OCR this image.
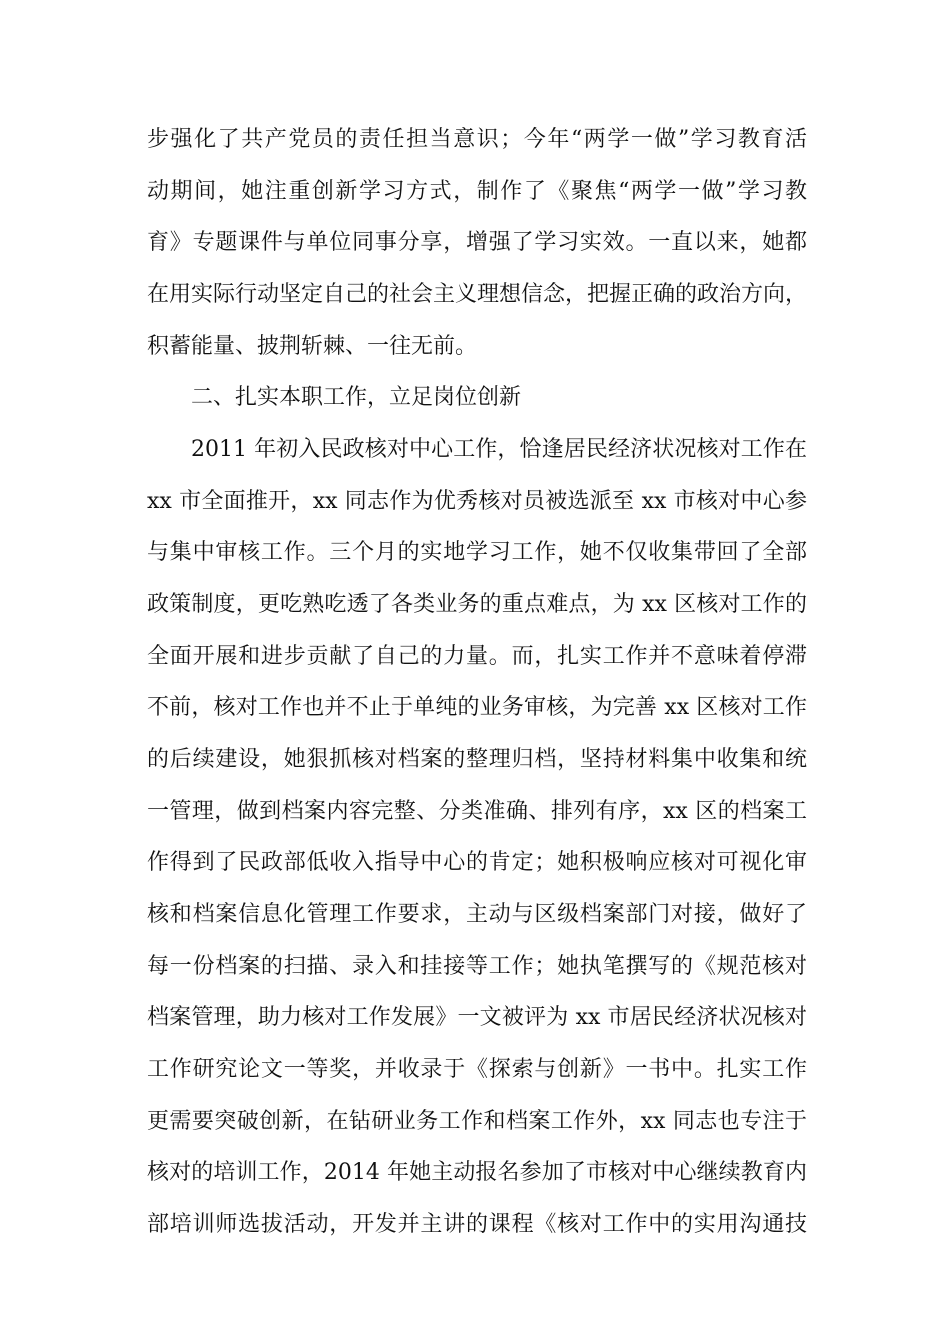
步强化了共产党员的责任担当意识；今年“两学一做”学习教育活
动期间，她注重创新学习方式，制作了《聚焦“两学一做”学习教
育》专题课件与单位同事分享，增强了学习实效。一直以来，她都
在用实际行动坚定自己的社会主义理想信念，把握正确的政治方向，
积蓄能量、披荆斩棘、一往无前。
二、扎实本职工作，立足岗位创新
2011 年初入民政核对中心工作，恰逢居民经济状况核对工作在
xx 市全面推开，xx 同志作为优秀核对员被选派至 xx 市核对中心参
与集中审核工作。三个月的实地学习工作，她不仅收集带回了全部
政策制度，更吃熟吃透了各类业务的重点难点，为 xx 区核对工作的
全面开展和进步贡献了自己的力量。而，扎实工作并不意味着停滞
不前，核对工作也并不止于单纯的业务审核，为完善 xx 区核对工作
的后续建设，她狠抓核对档案的整理归档，坚持材料集中收集和统
一管理，做到档案内容完整、分类准确、排列有序，xx 区的档案工
作得到了民政部低收入指导中心的肯定；她积极响应核对可视化审
核和档案信息化管理工作要求，主动与区级档案部门对接，做好了
每一份档案的扫描、录入和挂接等工作；她执笔撰写的《规范核对
档案管理，助力核对工作发展》一文被评为 xx 市居民经济状况核对
工作研究论文一等奖，并收录于《探索与创新》一书中。扎实工作
更需要突破创新，在钻研业务工作和档案工作外，xx 同志也专注于
核对的培训工作，2014 年她主动报名参加了市核对中心继续教育内
部培训师选拔活动，开发并主讲的课程《核对工作中的实用沟通技
